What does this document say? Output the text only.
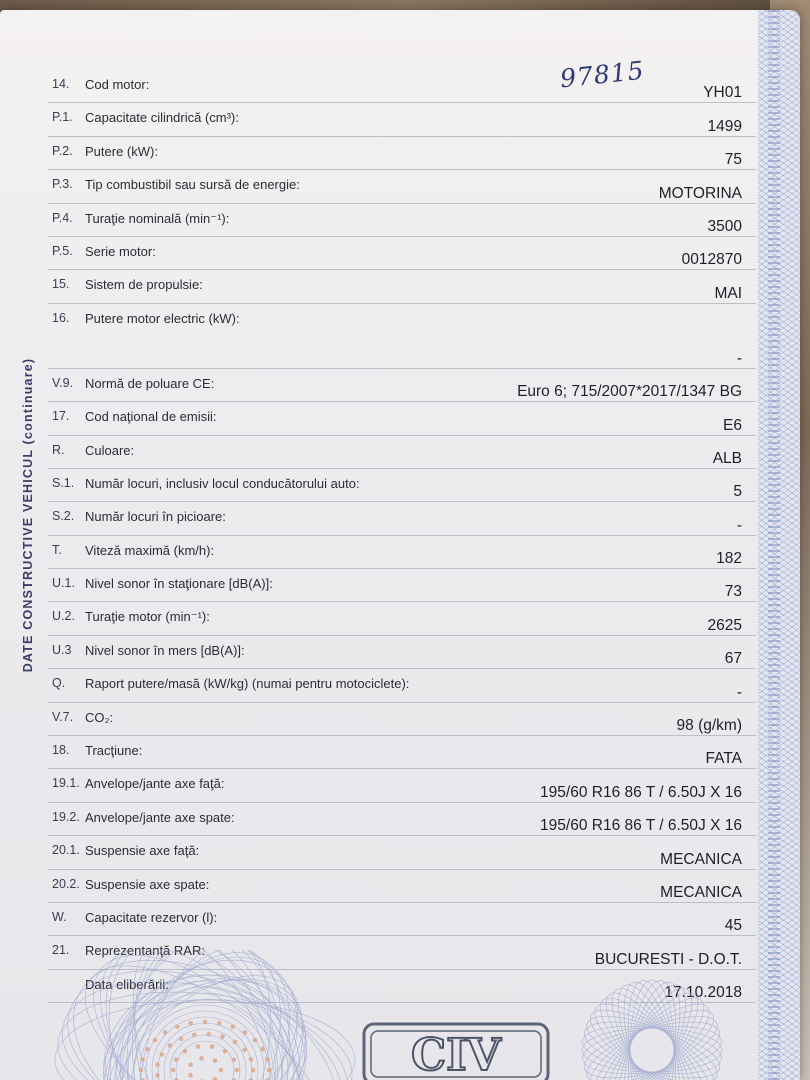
DATE CONSTRUCTIVE VEHICUL (continuare)
97815
14. Cod motor:	YH01
P.1. Capacitate cilindrică (cm³):	1499
P.2. Putere (kW):	75
P.3. Tip combustibil sau sursă de energie:	MOTORINA
P.4. Turaţie nominală (min⁻¹):	3500
P.5. Serie motor:	0012870
15. Sistem de propulsie:	MAI
16. Putere motor electric (kW):
-
V.9. Normă de poluare CE:	Euro 6; 715/2007*2017/1347 BG
17. Cod naţional de emisii:	E6
R. Culoare:	ALB
S.1. Număr locuri, inclusiv locul conducătorului auto:	5
S.2. Număr locuri în picioare:	-
T. Viteză maximă (km/h):	182
U.1. Nivel sonor în staţionare [dB(A)]:	73
U.2. Turaţie motor (min⁻¹):	2625
U.3 Nivel sonor în mers [dB(A)]:	67
Q. Raport putere/masă (kW/kg) (numai pentru motociclete):	-
V.7. CO₂:	98 (g/km)
18. Tracţiune:	FATA
19.1. Anvelope/jante axe faţă:	195/60 R16 86 T / 6.50J X 16
19.2. Anvelope/jante axe spate:	195/60 R16 86 T / 6.50J X 16
20.1. Suspensie axe faţă:	MECANICA
20.2. Suspensie axe spate:	MECANICA
W. Capacitate rezervor (l):	45
21. Reprezentanţă RAR:	BUCURESTI - D.O.T.
Data eliberării:	17.10.2018
CIV
